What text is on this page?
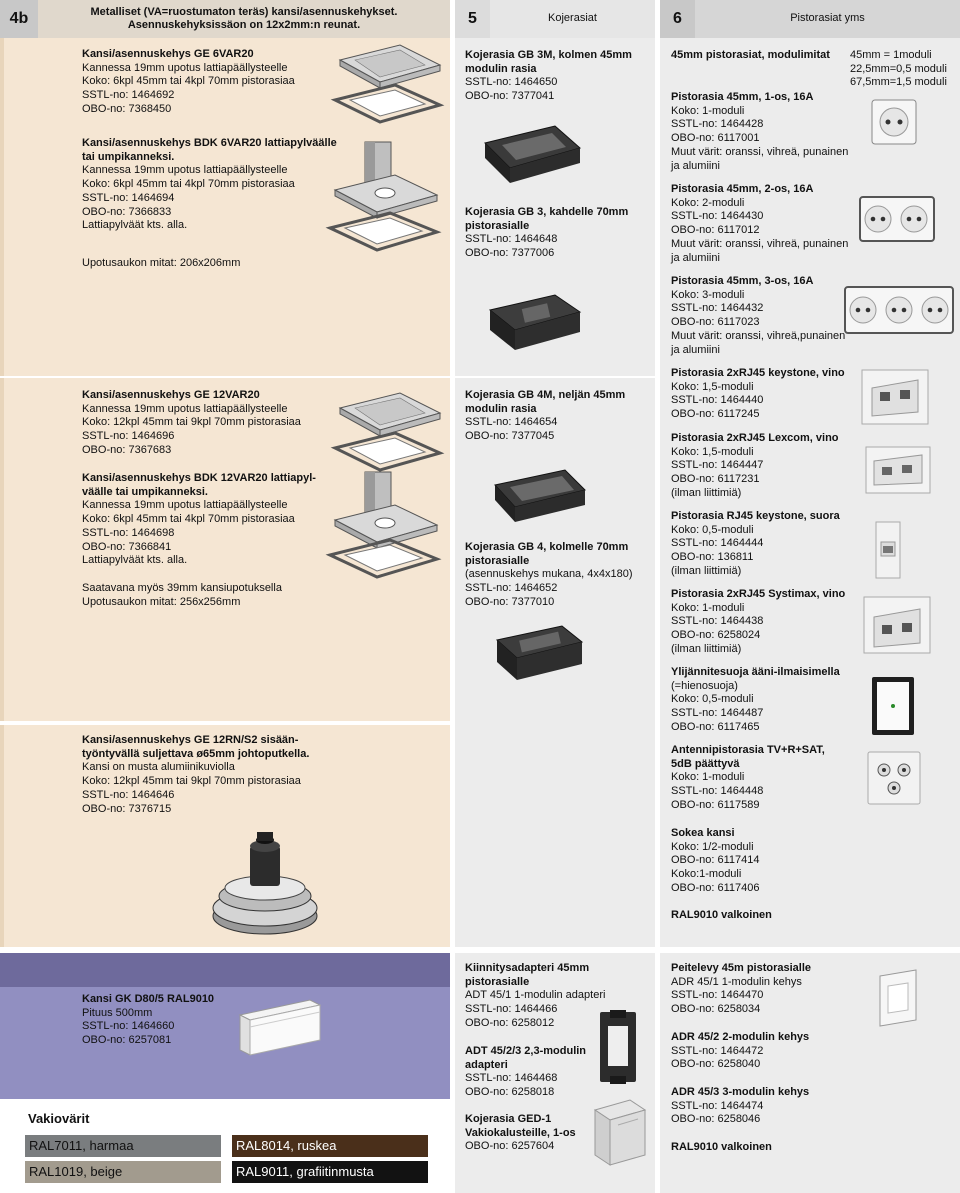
4b	Metalliset (VA=ruostumaton teräs) kansi/asennuskehykset.
Asennuskehyksissäon on 12x2mm:n reunat.	5	Kojerasiat	6	Pistorasiat yms
Kansi/asennuskehys GE 6VAR20
Kannessa 19mm upotus lattiapäällysteelle
Koko: 6kpl 45mm tai 4kpl 70mm pistorasiaa
SSTL-no: 1464692
OBO-no: 7368450
Kansi/asennuskehys BDK 6VAR20 lattiapylväälle
tai umpikanneksi.
Kannessa 19mm upotus lattiapäällysteelle
Koko: 6kpl 45mm tai 4kpl 70mm pistorasiaa
SSTL-no: 1464694
OBO-no: 7366833
Lattiapylväät kts. alla.
Upotusaukon mitat: 206x206mm
Kansi/asennuskehys GE 12VAR20
Kannessa 19mm upotus lattiapäällysteelle
Koko: 12kpl 45mm tai 9kpl 70mm pistorasiaa
SSTL-no: 1464696
OBO-no: 7367683
Kansi/asennuskehys BDK 12VAR20 lattiapyl-
väälle tai umpikanneksi.
Kannessa 19mm upotus lattiapäällysteelle
Koko: 6kpl 45mm tai 4kpl 70mm pistorasiaa
SSTL-no: 1464698
OBO-no: 7366841
Lattiapylväät kts. alla.
Saatavana myös 39mm kansiupotuksella
Upotusaukon mitat: 256x256mm
Kansi/asennuskehys GE 12RN/S2 sisään-
työntyvällä suljettava ø65mm johtoputkella.
Kansi on musta alumiinikuviolla
Koko: 12kpl 45mm tai 9kpl 70mm pistorasiaa
SSTL-no: 1464646
OBO-no: 7376715
Kansi GK D80/5 RAL9010
Pituus 500mm
SSTL-no: 1464660
OBO-no: 6257081
Vakiovärit
RAL7011, harmaa	RAL8014, ruskea
RAL1019, beige	RAL9011, grafiitinmusta
Kojerasia GB 3M, kolmen 45mm
modulin rasia
SSTL-no: 1464650
OBO-no: 7377041
Kojerasia GB 3, kahdelle 70mm
pistorasialle
SSTL-no: 1464648
OBO-no: 7377006
Kojerasia GB 4M, neljän 45mm
modulin rasia
SSTL-no: 1464654
OBO-no: 7377045
Kojerasia GB 4, kolmelle 70mm
pistorasialle
(asennuskehys mukana, 4x4x180)
SSTL-no: 1464652
OBO-no: 7377010
Kiinnitysadapteri 45mm
pistorasialle
ADT 45/1 1-modulin adapteri
SSTL-no: 1464466
OBO-no: 6258012
ADT 45/2/3 2,3-modulin
adapteri
SSTL-no: 1464468
OBO-no: 6258018
Kojerasia GED-1
Vakiokalusteille, 1-os
OBO-no: 6257604
45mm pistorasiat, modulimitat 45mm = 1moduli
22,5mm=0,5 moduli
67,5mm=1,5 moduli
Pistorasia 45mm, 1-os, 16A
Koko: 1-moduli
SSTL-no: 1464428
OBO-no: 6117001
Muut värit: oranssi, vihreä, punainen
ja alumiini
Pistorasia 45mm, 2-os, 16A
Koko: 2-moduli
SSTL-no: 1464430
OBO-no: 6117012
Muut värit: oranssi, vihreä, punainen
ja alumiini
Pistorasia 45mm, 3-os, 16A
Koko: 3-moduli
SSTL-no: 1464432
OBO-no: 6117023
Muut värit: oranssi, vihreä,punainen
ja alumiini
Pistorasia 2xRJ45 keystone, vino
Koko: 1,5-moduli
SSTL-no: 1464440
OBO-no: 6117245
Pistorasia 2xRJ45 Lexcom, vino
Koko: 1,5-moduli
SSTL-no: 1464447
OBO-no: 6117231
(ilman liittimiä)
Pistorasia RJ45 keystone, suora
Koko: 0,5-moduli
SSTL-no: 1464444
OBO-no: 136811
(ilman liittimiä)
Pistorasia 2xRJ45 Systimax, vino
Koko: 1-moduli
SSTL-no: 1464438
OBO-no: 6258024
(ilman liittimiä)
Ylijännitesuoja ääni-ilmaisimella
(=hienosuoja)
Koko: 0,5-moduli
SSTL-no: 1464487
OBO-no: 6117465
Antennipistorasia TV+R+SAT,
5dB päättyvä
Koko: 1-moduli
SSTL-no: 1464448
OBO-no: 6117589
Sokea kansi
Koko: 1/2-moduli
OBO-no: 6117414
Koko:1-moduli
OBO-no: 6117406
RAL9010 valkoinen
Peitelevy 45m pistorasialle
ADR 45/1 1-modulin kehys
SSTL-no: 1464470
OBO-no: 6258034
ADR 45/2 2-modulin kehys
SSTL-no: 1464472
OBO-no: 6258040
ADR 45/3 3-modulin kehys
SSTL-no: 1464474
OBO-no: 6258046
RAL9010 valkoinen
